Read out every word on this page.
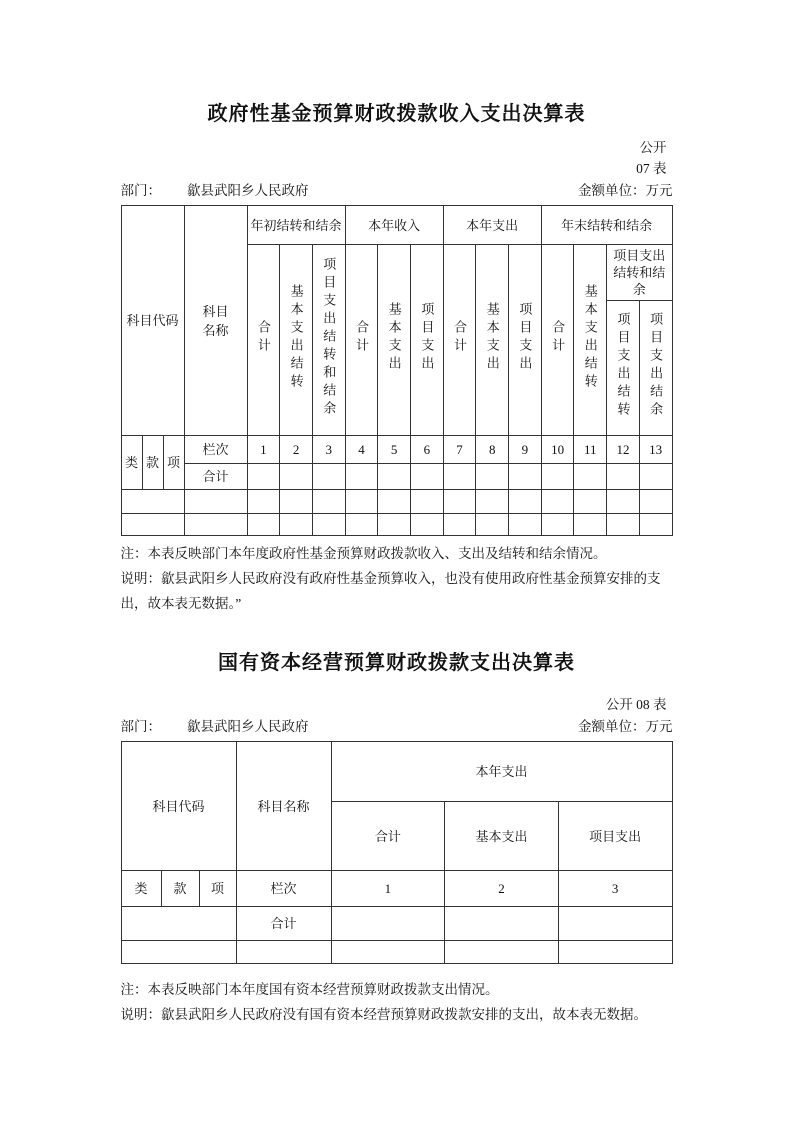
政府性基金预算财政拨款收入支出决算表
公开
07 表
部门： 歙县武阳乡人民政府	金额单位：万元
科目代码			科目名称	年初结转和结余			本年收入			本年支出			年末结转和结余			
				合计	基本支出结转	项目支出结转和结余	合计	基本支出	项目支出	合计	基本支出	项目支出	合计	基本支出结转	项目支出结转和结余	
															项目支出结转	项目支出结余
类	款	项	栏次	1	2	3	4	5	6	7	8	9	10	11	12	13
			合计													

注：本表反映部门本年度政府性基金预算财政拨款收入、支出及结转和结余情况。

说明：歙县武阳乡人民政府没有政府性基金预算收入，也没有使用政府性基金预算安排的支出，故本表无数据。”

国有资本经营预算财政拨款支出决算表
公开 08 表
部门： 歙县武阳乡人民政府	金额单位：万元
科目代码			科目名称	本年支出		
				合计	基本支出	项目支出
类	款	项	栏次	1	2	3
			合计			

注：本表反映部门本年度国有资本经营预算财政拨款支出情况。

说明：歙县武阳乡人民政府没有国有资本经营预算财政拨款安排的支出，故本表无数据。
